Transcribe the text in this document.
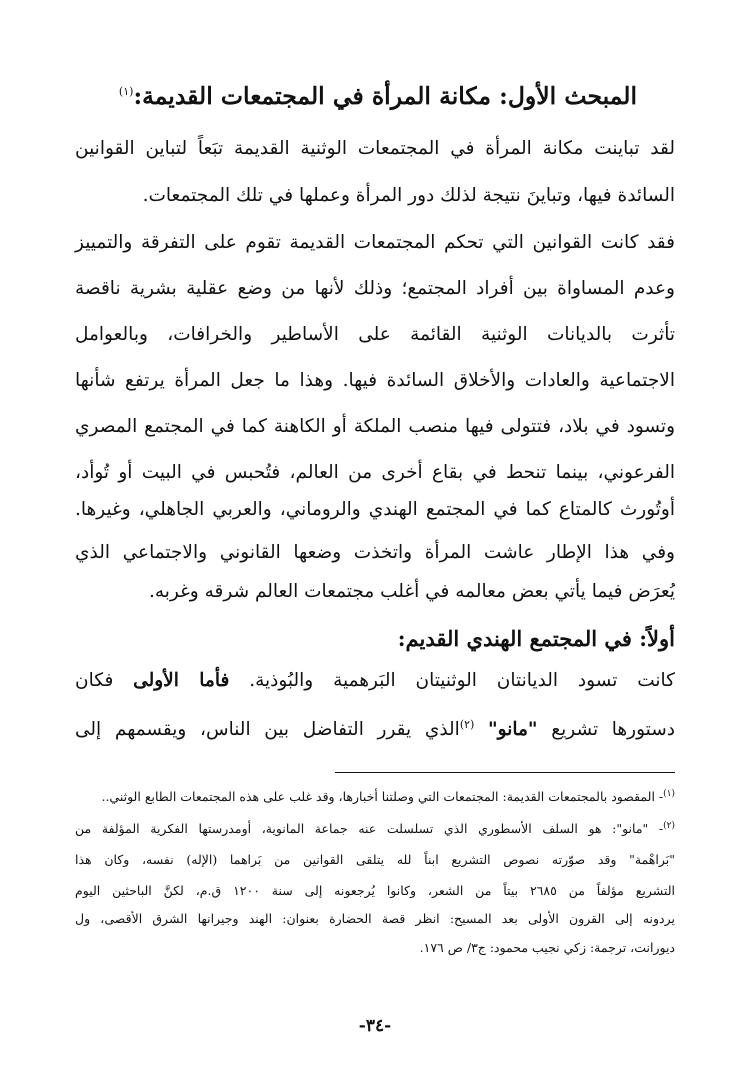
المبحث الأول: مكانة المرأة في المجتمعات القديمة:$^{(١)}$

لقد تباينت مكانة المرأة في المجتمعات الوثنية القديمة تبَعاً لتباين القوانين

السائدة فيها، وتباينَ نتيجة لذلك دور المرأة وعملها في تلك المجتمعات.

فقد كانت القوانين التي تحكم المجتمعات القديمة تقوم على التفرقة والتمييز

وعدم المساواة بين أفراد المجتمع؛ وذلك لأنها من وضع عقلية بشرية ناقصة

تأثرت بالديانات الوثنية القائمة على الأساطير والخرافات، وبالعوامل

الاجتماعية والعادات والأخلاق السائدة فيها. وهذا ما جعل المرأة يرتفع شأنها

وتسود في بلاد، فتتولى فيها منصب الملكة أو الكاهنة كما في المجتمع المصري

الفرعوني، بينما تنحط في بقاع أخرى من العالم، فتُحبس في البيت أو تُوأد،

أوتُورث كالمتاع كما في المجتمع الهندي والروماني، والعربي الجاهلي، وغيرها.

وفي هذا الإطار عاشت المرأة واتخذت وضعها القانوني والاجتماعي الذي

يُعرَض فيما يأتي بعض معالمه في أغلب مجتمعات العالم شرقه وغربه.

أولاً: في المجتمع الهندي القديم:

كانت تسود الديانتان الوثنيتان البَرهمية والبُوذية. فأما الأولى فكان

دستورها تشريع "مانو" $^{(٢)}$الذي يقرر التفاضل بين الناس، ويقسمهم إلى

$^{(١)}$- المقصود بالمجتمعات القديمة: المجتمعات التي وصلتنا أخبارها، وقد غلب على هذه المجتمعات الطابع الوثني..

$^{(٢)}$- "مانو": هو السلف الأسطوري الذي تسلسلت عنه جماعة المانوية، أومدرستها الفكرية المؤلفة من

"بَراهْمة" وقد صوّرته نصوص التشريع ابناً لله يتلقى القوانين من بَراهما (الإله) نفسه، وكان هذا

التشريع مؤلفاً من ٢٦٨٥ بيتاً من الشعر، وكانوا يُرجعونه إلى سنة ١٢٠٠ ق.م، لكنَّ الباحثين اليوم

يردونه إلى القرون الأولى بعد المسيح: انظر قصة الحضارة بعنوان: الهند وجيرانها الشرق الأقصى، ول

ديورانت، ترجمة: زكي نجيب محمود: ج٣/ ص ١٧٦.

-٣٤-
